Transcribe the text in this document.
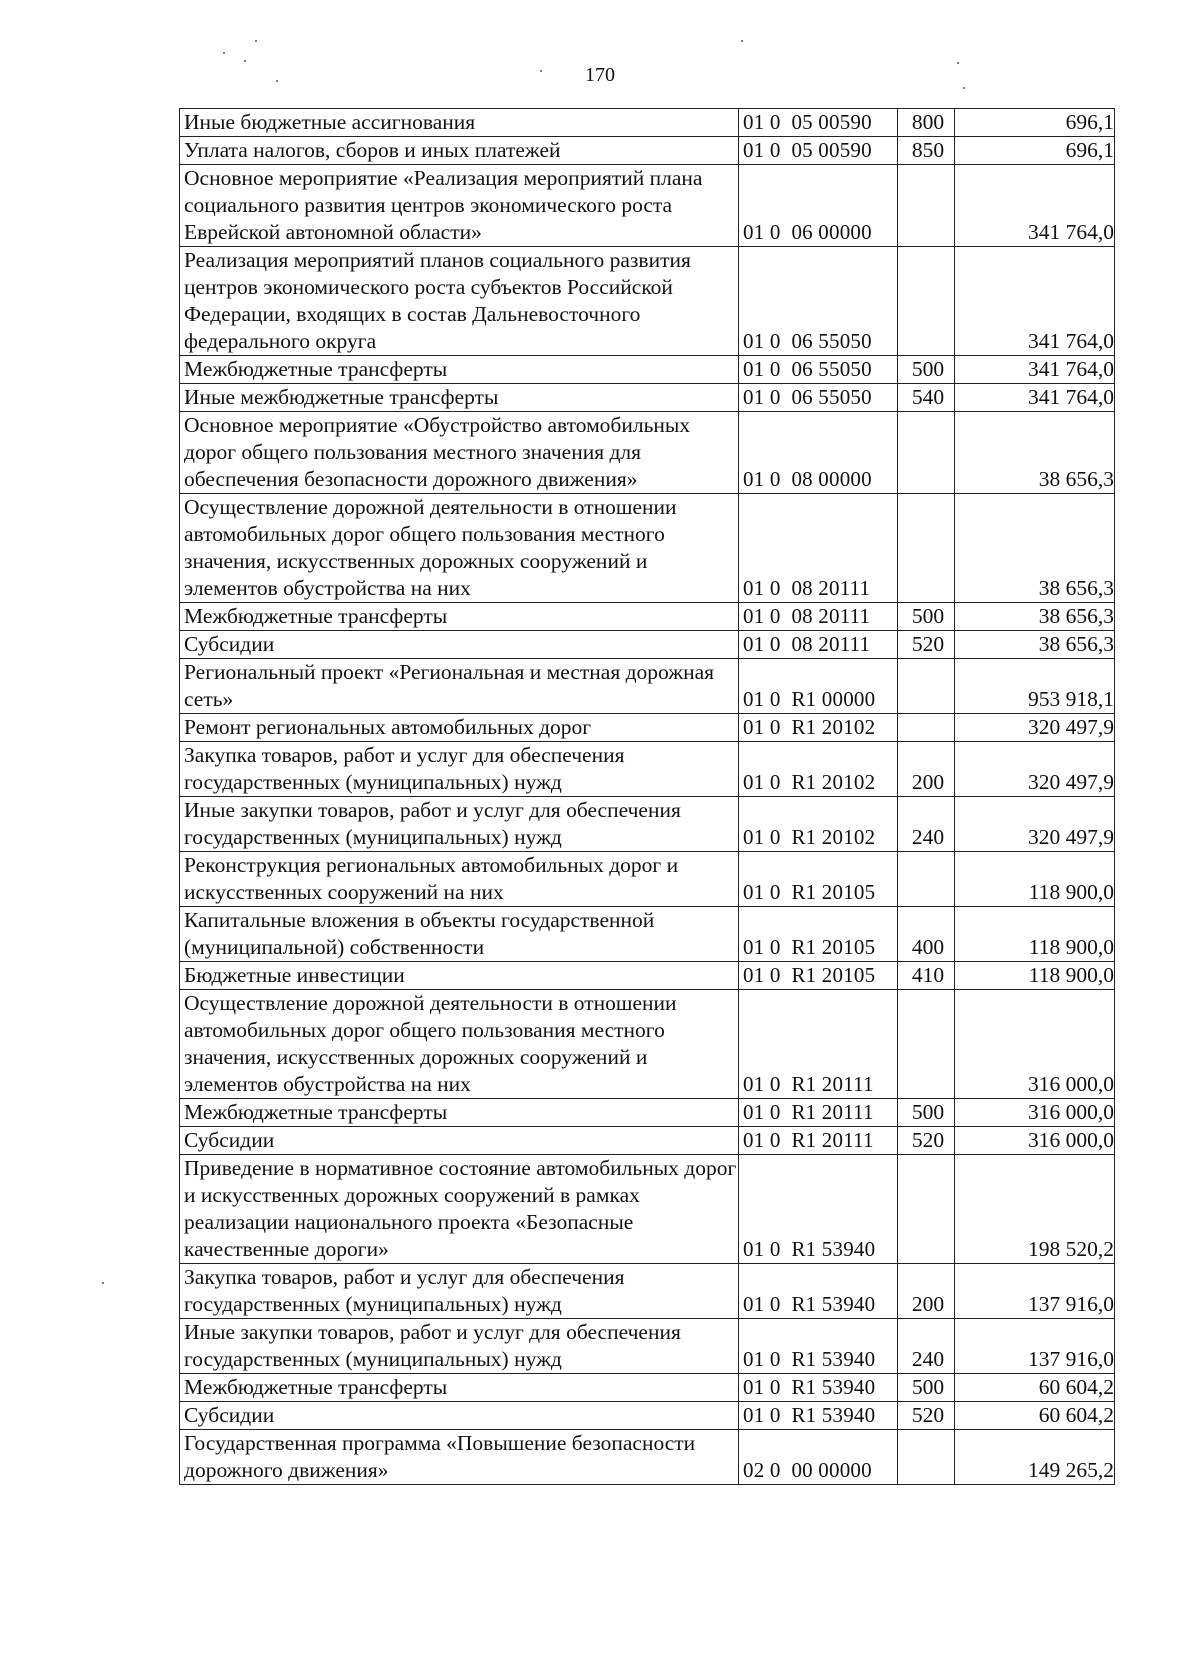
170
Иные бюджетные ассигнования	01 0  05 00590	800	696,1
Уплата налогов, сборов и иных платежей	01 0  05 00590	850	696,1
Основное мероприятие «Реализация мероприятий плана социального развития центров экономического роста Еврейской автономной области»	01 0  06 00000		341 764,0
Реализация мероприятий планов социального развития центров экономического роста субъектов Российской Федерации, входящих в состав Дальневосточного федерального округа	01 0  06 55050		341 764,0
Межбюджетные трансферты	01 0  06 55050	500	341 764,0
Иные межбюджетные трансферты	01 0  06 55050	540	341 764,0
Основное мероприятие «Обустройство автомобильных дорог общего пользования местного значения для обеспечения безопасности дорожного движения»	01 0  08 00000		38 656,3
Осуществление дорожной деятельности в отношении автомобильных дорог общего пользования местного значения, искусственных дорожных сооружений и элементов обустройства на них	01 0  08 20111		38 656,3
Межбюджетные трансферты	01 0  08 20111	500	38 656,3
Субсидии	01 0  08 20111	520	38 656,3
Региональный проект «Региональная и местная дорожная сеть»	01 0  R1 00000		953 918,1
Ремонт региональных автомобильных дорог	01 0  R1 20102		320 497,9
Закупка товаров, работ и услуг для обеспечения государственных (муниципальных) нужд	01 0  R1 20102	200	320 497,9
Иные закупки товаров, работ и услуг для обеспечения государственных (муниципальных) нужд	01 0  R1 20102	240	320 497,9
Реконструкция региональных автомобильных дорог и искусственных сооружений на них	01 0  R1 20105		118 900,0
Капитальные вложения в объекты государственной (муниципальной) собственности	01 0  R1 20105	400	118 900,0
Бюджетные инвестиции	01 0  R1 20105	410	118 900,0
Осуществление дорожной деятельности в отношении автомобильных дорог общего пользования местного значения, искусственных дорожных сооружений и элементов обустройства на них	01 0  R1 20111		316 000,0
Межбюджетные трансферты	01 0  R1 20111	500	316 000,0
Субсидии	01 0  R1 20111	520	316 000,0
Приведение в нормативное состояние автомобильных дорог и искусственных дорожных сооружений в рамках реализации национального проекта «Безопасные качественные дороги»	01 0  R1 53940		198 520,2
Закупка товаров, работ и услуг для обеспечения государственных (муниципальных) нужд	01 0  R1 53940	200	137 916,0
Иные закупки товаров, работ и услуг для обеспечения государственных (муниципальных) нужд	01 0  R1 53940	240	137 916,0
Межбюджетные трансферты	01 0  R1 53940	500	60 604,2
Субсидии	01 0  R1 53940	520	60 604,2
Государственная программа «Повышение безопасности дорожного движения»	02 0  00 00000		149 265,2
